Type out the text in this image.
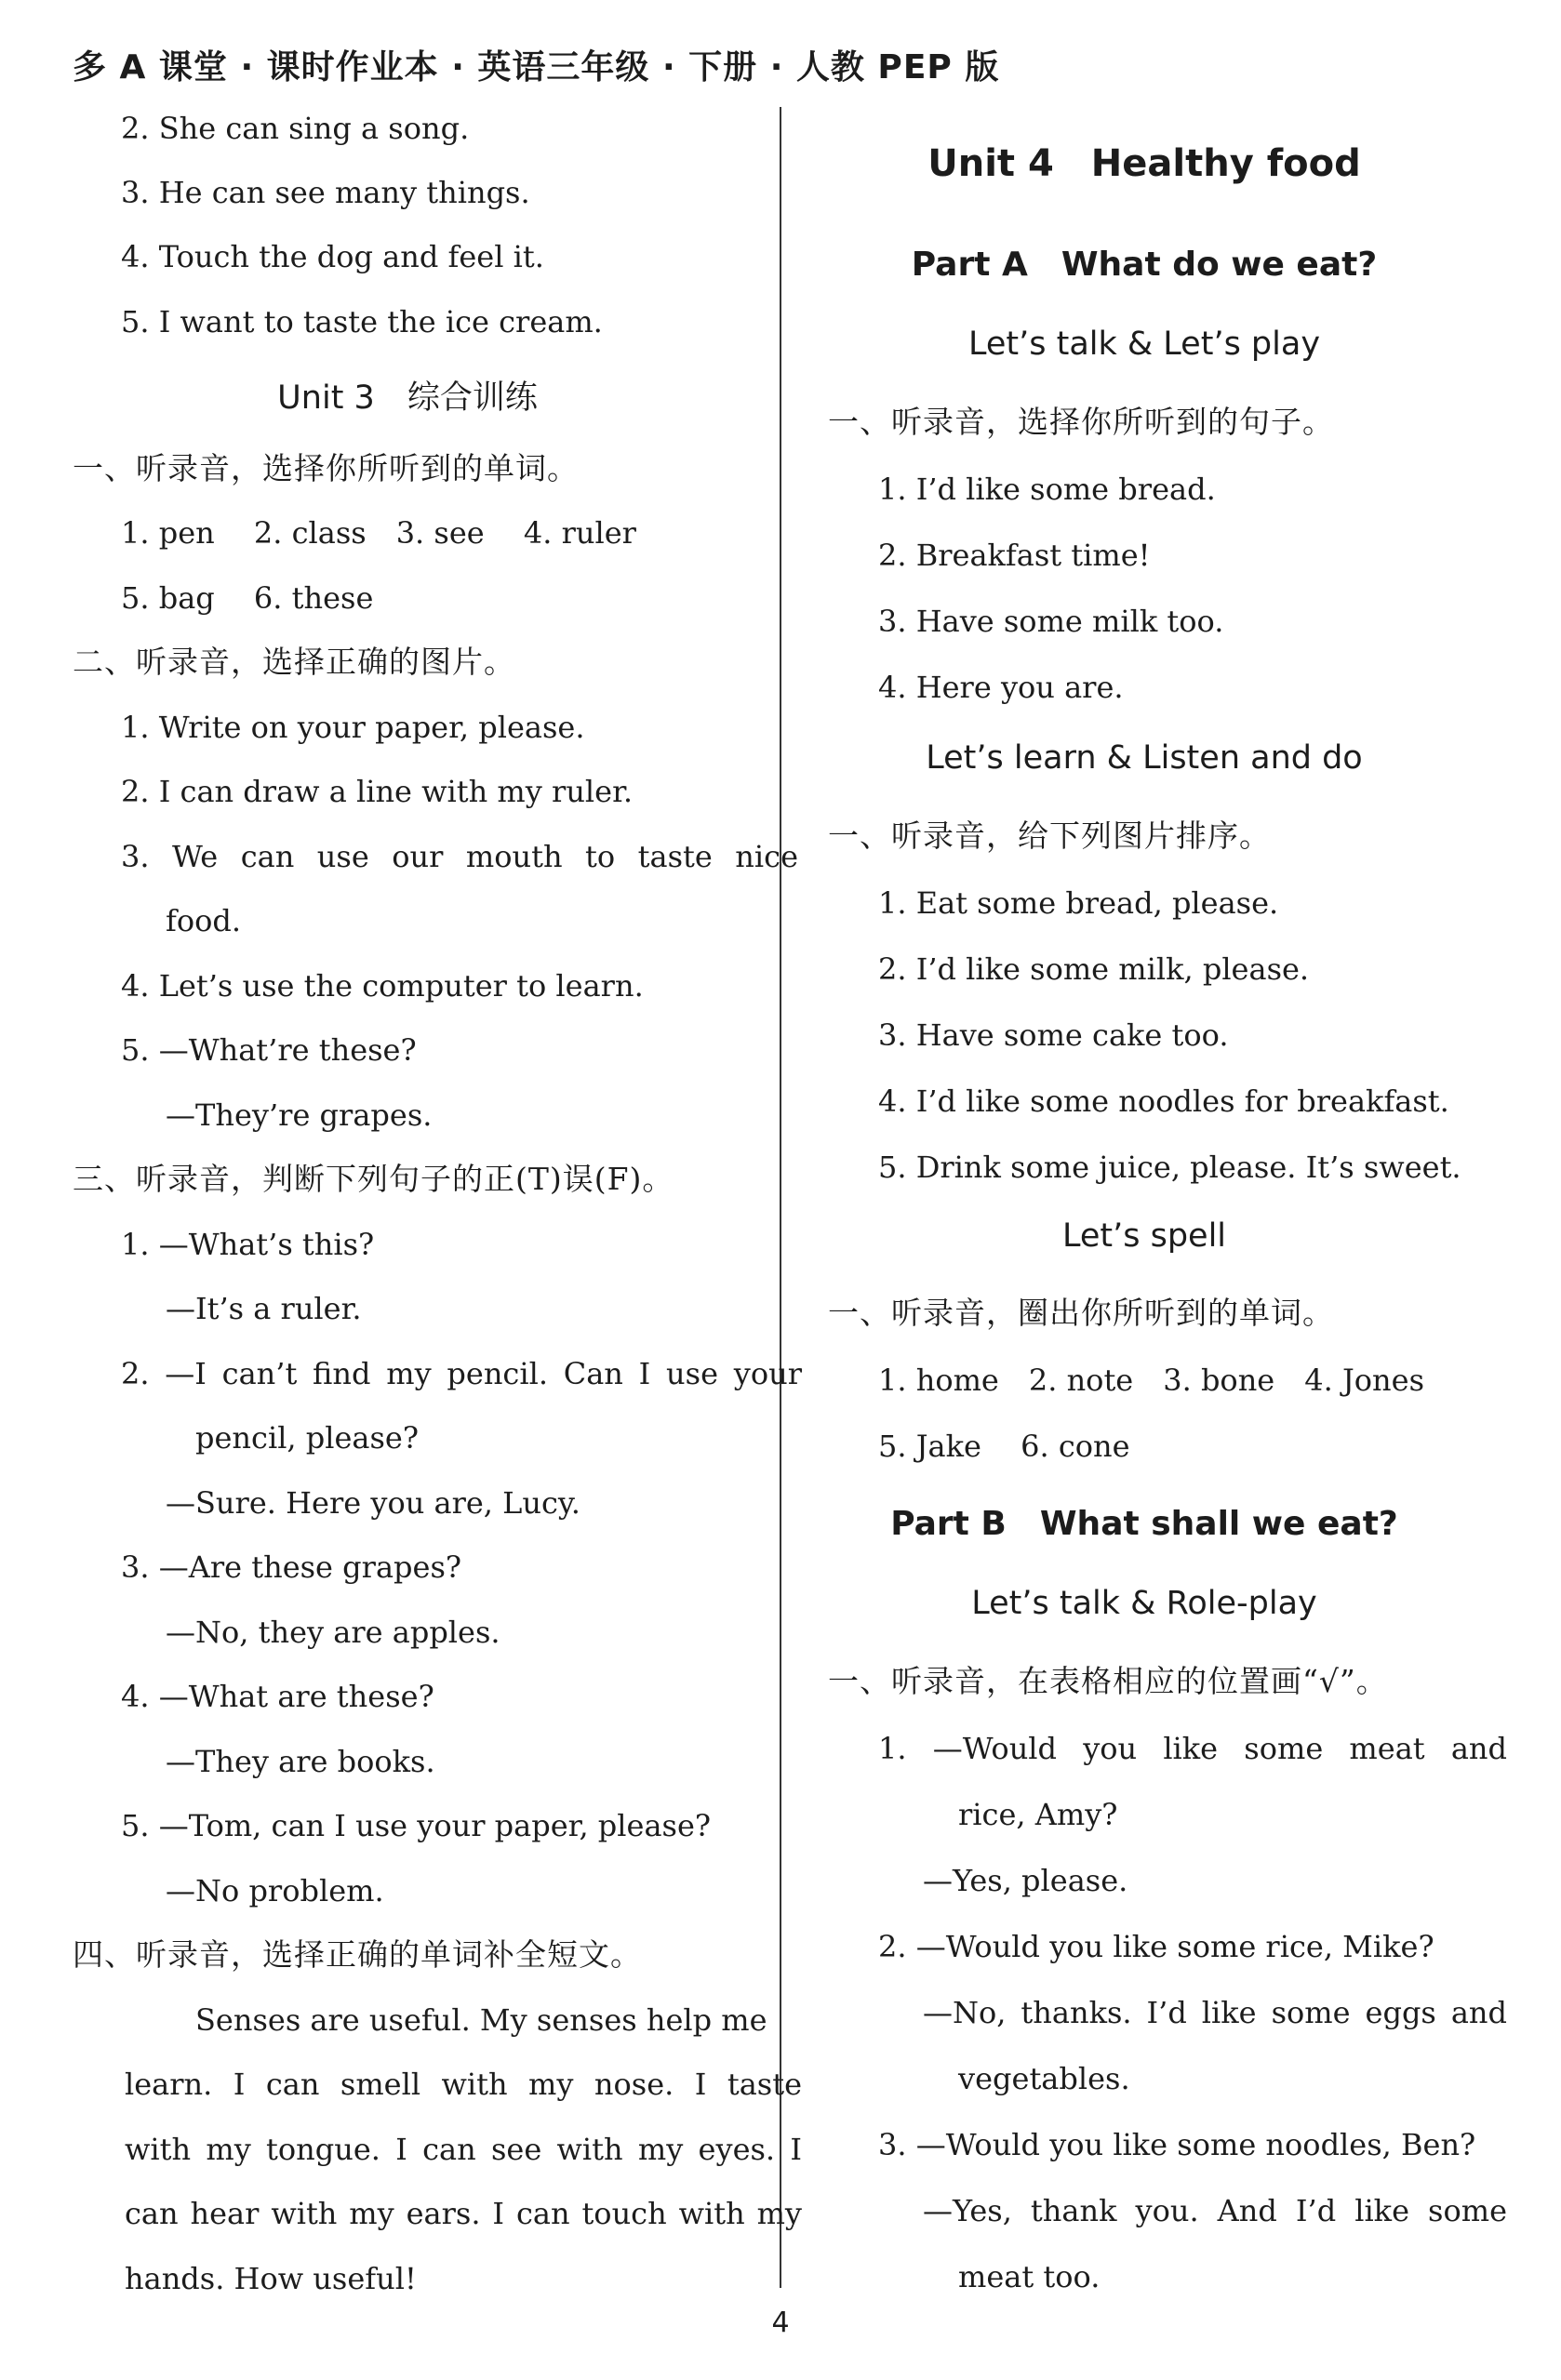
多 A 课堂 · 课时作业本 · 英语三年级 · 下册 · 人教 PEP 版
2. She can sing a song.
3. He can see many things.
4. Touch the dog and feel it.
5. I want to taste the ice cream.
Unit 3　综合训练
一、听录音，选择你所听到的单词。
1. pen　 2. class　3. see　 4. ruler
5. bag　 6. these
二、听录音，选择正确的图片。
1. Write on your paper, please.
2. I can draw a line with my ruler.
3. We can use our mouth to taste nice
food.
4. Let’s use the computer to learn.
5. —What’re these?
—They’re grapes.
三、听录音，判断下列句子的正(T)误(F)。
1. —What’s this?
—It’s a ruler.
2. —I can’t find my pencil. Can I use your
pencil, please?
—Sure. Here you are, Lucy.
3. —Are these grapes?
—No, they are apples.
4. —What are these?
—They are books.
5. —Tom, can I use your paper, please?
—No problem.
四、听录音，选择正确的单词补全短文。
Senses are useful. My senses help me
learn. I can smell with my nose. I taste
with my tongue. I can see with my eyes. I
can hear with my ears. I can touch with my
hands. How useful!
Unit 4　Healthy food
Part A　What do we eat?
Let’s talk & Let’s play
一、听录音，选择你所听到的句子。
1. I’d like some bread.
2. Breakfast time!
3. Have some milk too.
4. Here you are.
Let’s learn & Listen and do
一、听录音，给下列图片排序。
1. Eat some bread, please.
2. I’d like some milk, please.
3. Have some cake too.
4. I’d like some noodles for breakfast.
5. Drink some juice, please. It’s sweet.
Let’s spell
一、听录音，圈出你所听到的单词。
1. home　2. note　3. bone　4. Jones
5. Jake　 6. cone
Part B　What shall we eat?
Let’s talk & Role-play
一、听录音，在表格相应的位置画“√”。
1. —Would you like some meat and
rice, Amy?
—Yes, please.
2. —Would you like some rice, Mike?
—No, thanks. I’d like some eggs and
vegetables.
3. —Would you like some noodles, Ben?
—Yes, thank you. And I’d like some
meat too.
4
